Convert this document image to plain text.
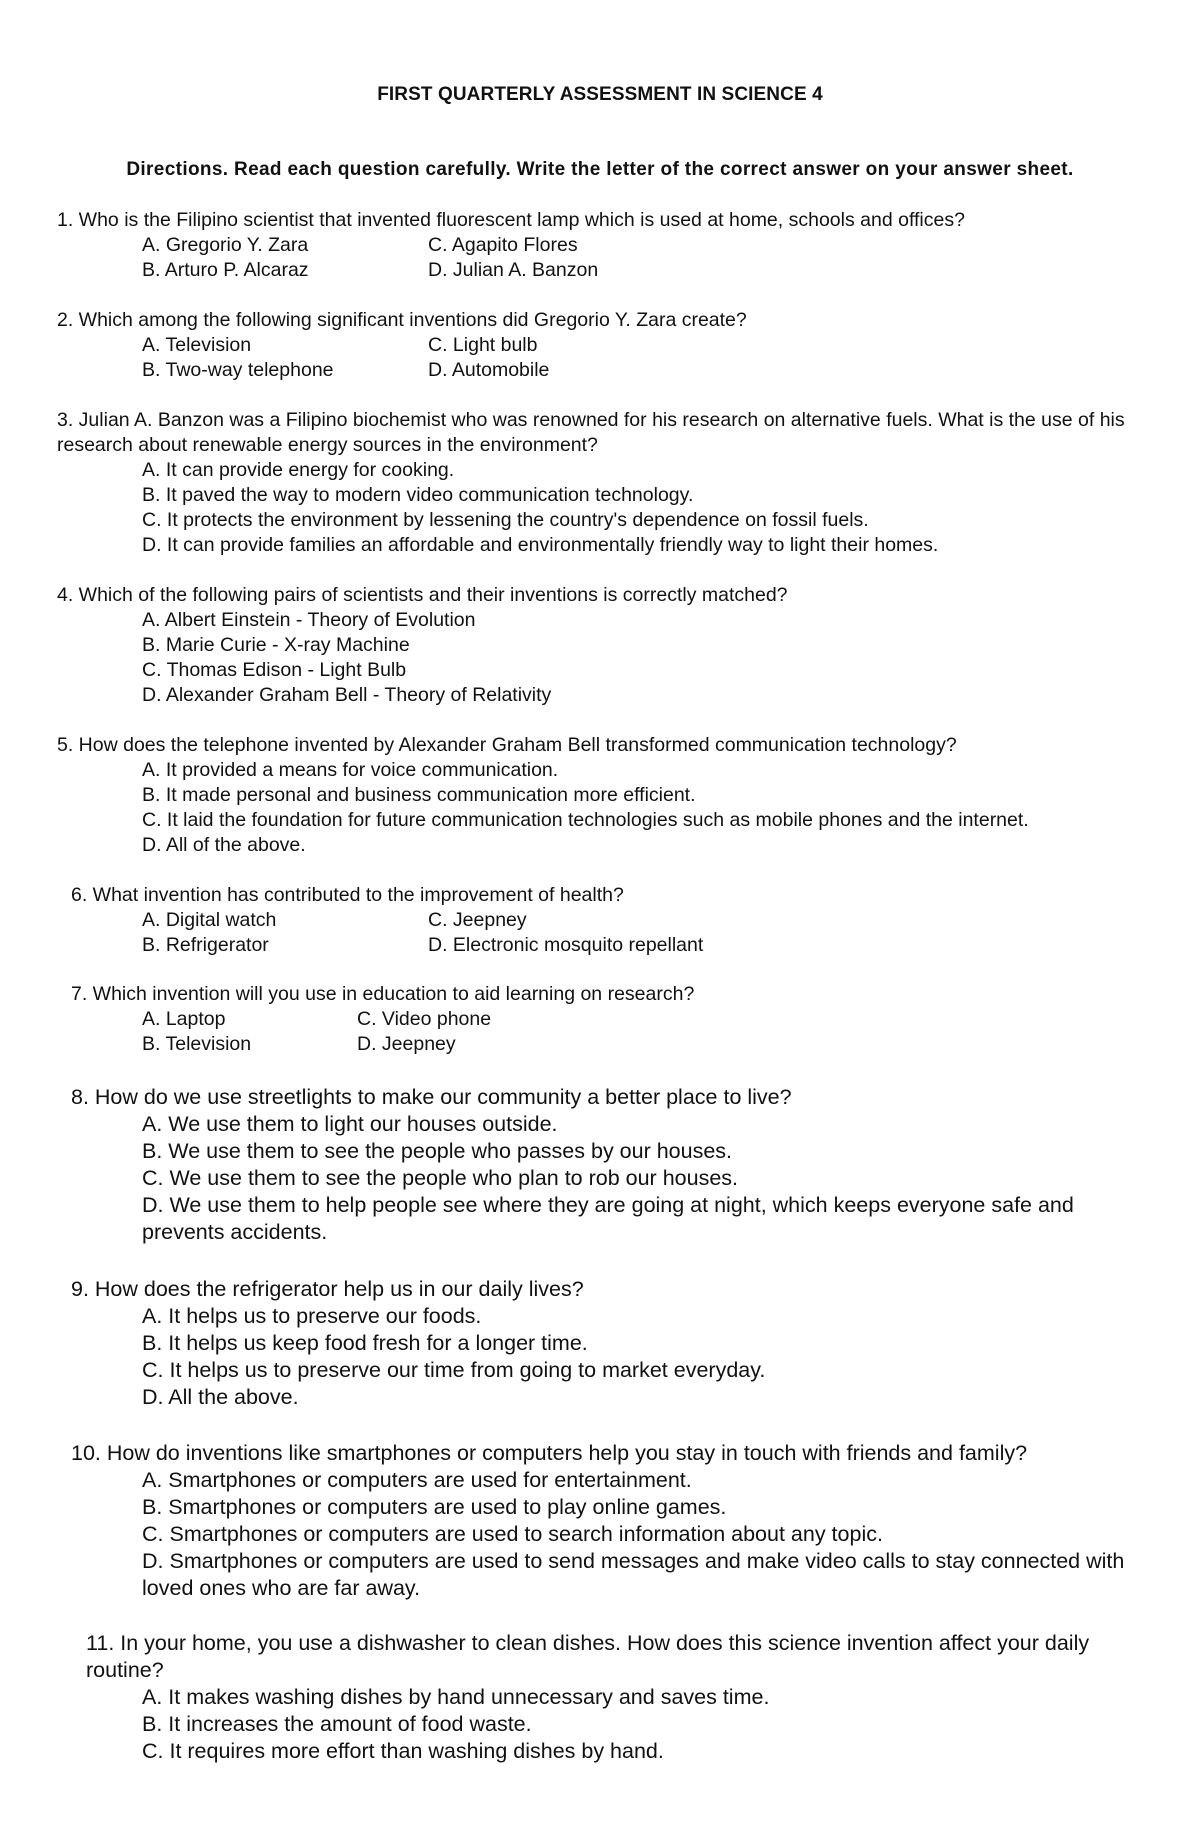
FIRST QUARTERLY ASSESSMENT IN SCIENCE 4
Directions. Read each question carefully. Write the letter of the correct answer on your answer sheet.
1. Who is the Filipino scientist that invented fluorescent lamp which is used at home, schools and offices?
A. Gregorio Y. Zara	C. Agapito Flores
B. Arturo P. Alcaraz	D. Julian A. Banzon
2. Which among the following significant inventions did Gregorio Y. Zara create?
A. Television	C. Light bulb
B. Two-way telephone	D. Automobile
3. Julian A. Banzon was a Filipino biochemist who was renowned for his research on alternative fuels. What is the use of his research about renewable energy sources in the environment?
A. It can provide energy for cooking.
B. It paved the way to modern video communication technology.
C. It protects the environment by lessening the country's dependence on fossil fuels.
D. It can provide families an affordable and environmentally friendly way to light their homes.
4. Which of the following pairs of scientists and their inventions is correctly matched?
A. Albert Einstein - Theory of Evolution
B. Marie Curie - X-ray Machine
C. Thomas Edison - Light Bulb
D. Alexander Graham Bell - Theory of Relativity
5. How does the telephone invented by Alexander Graham Bell transformed communication technology?
A. It provided a means for voice communication.
B. It made personal and business communication more efficient.
C. It laid the foundation for future communication technologies such as mobile phones and the internet.
D. All of the above.
6. What invention has contributed to the improvement of health?
A. Digital watch	C. Jeepney
B. Refrigerator	D. Electronic mosquito repellant
7. Which invention will you use in education to aid learning on research?
A. Laptop	C. Video phone
B. Television	D. Jeepney
8. How do we use streetlights to make our community a better place to live?
A. We use them to light our houses outside.
B. We use them to see the people who passes by our houses.
C. We use them to see the people who plan to rob our houses.
D. We use them to help people see where they are going at night, which keeps everyone safe and prevents accidents.
9. How does the refrigerator help us in our daily lives?
A. It helps us to preserve our foods.
B. It helps us keep food fresh for a longer time.
C. It helps us to preserve our time from going to market everyday.
D. All the above.
10. How do inventions like smartphones or computers help you stay in touch with friends and family?
A. Smartphones or computers are used for entertainment.
B. Smartphones or computers are used to play online games.
C. Smartphones or computers are used to search information about any topic.
D. Smartphones or computers are used to send messages and make video calls to stay connected with loved ones who are far away.
11. In your home, you use a dishwasher to clean dishes. How does this science invention affect your daily routine?
A. It makes washing dishes by hand unnecessary and saves time.
B. It increases the amount of food waste.
C. It requires more effort than washing dishes by hand.
